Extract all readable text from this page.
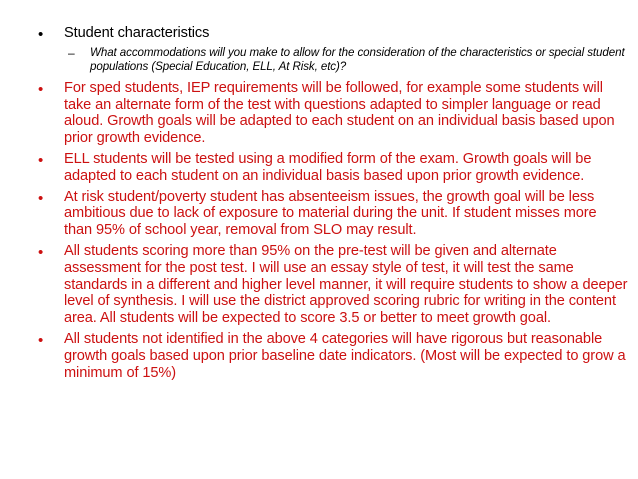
• Student characteristics
– What accommodations will you make to allow for the consideration of the characteristics or special student populations (Special Education, ELL, At Risk, etc)?
• For sped students, IEP requirements will be followed, for example some students will take an alternate form of the test with questions adapted to simpler language or read aloud. Growth goals will be adapted to each student on an individual basis based upon prior growth evidence.
• ELL students will be tested using a modified form of the exam. Growth goals will be adapted to each student on an individual basis based upon prior growth evidence.
• At risk student/poverty student has absenteeism issues, the growth goal will be less ambitious due to lack of exposure to material during the unit. If student misses more than 95% of school year, removal from SLO may result.
• All students scoring more than 95% on the pre-test will be given and alternate assessment for the post test. I will use an essay style of test, it will test the same standards in a different and higher level manner, it will require students to show a deeper level of synthesis. I will use the district approved scoring rubric for writing in the content area. All students will be expected to score 3.5 or better to meet growth goal.
• All students not identified in the above 4 categories will have rigorous but reasonable growth goals based upon prior baseline date indicators. (Most will be expected to grow a minimum of 15%)
